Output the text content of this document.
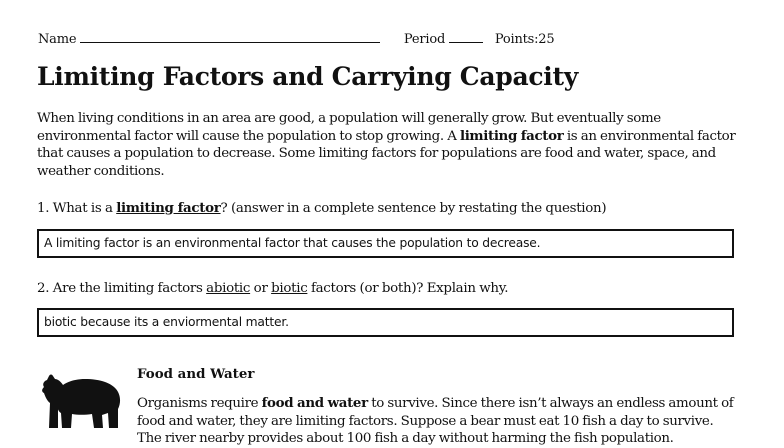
Name	Period	Points:25
Limiting Factors and Carrying Capacity

When living conditions in an area are good, a population will generally grow. But eventually some environmental factor will cause the population to stop growing. A limiting factor is an environmental factor that causes a population to decrease. Some limiting factors for populations are food and water, space, and weather conditions.

1. What is a limiting factor? (answer in a complete sentence by restating the question)
A limiting factor is an environmental factor that causes the population to decrease.
2. Are the limiting factors abiotic or biotic factors (or both)? Explain why.
biotic because its a enviormental matter.
Food and Water

Organisms require food and water to survive. Since there isn’t always an endless amount of food and water, they are limiting factors. Suppose a bear must eat 10 fish a day to survive. The river nearby provides about 100 fish a day without harming the fish population.
